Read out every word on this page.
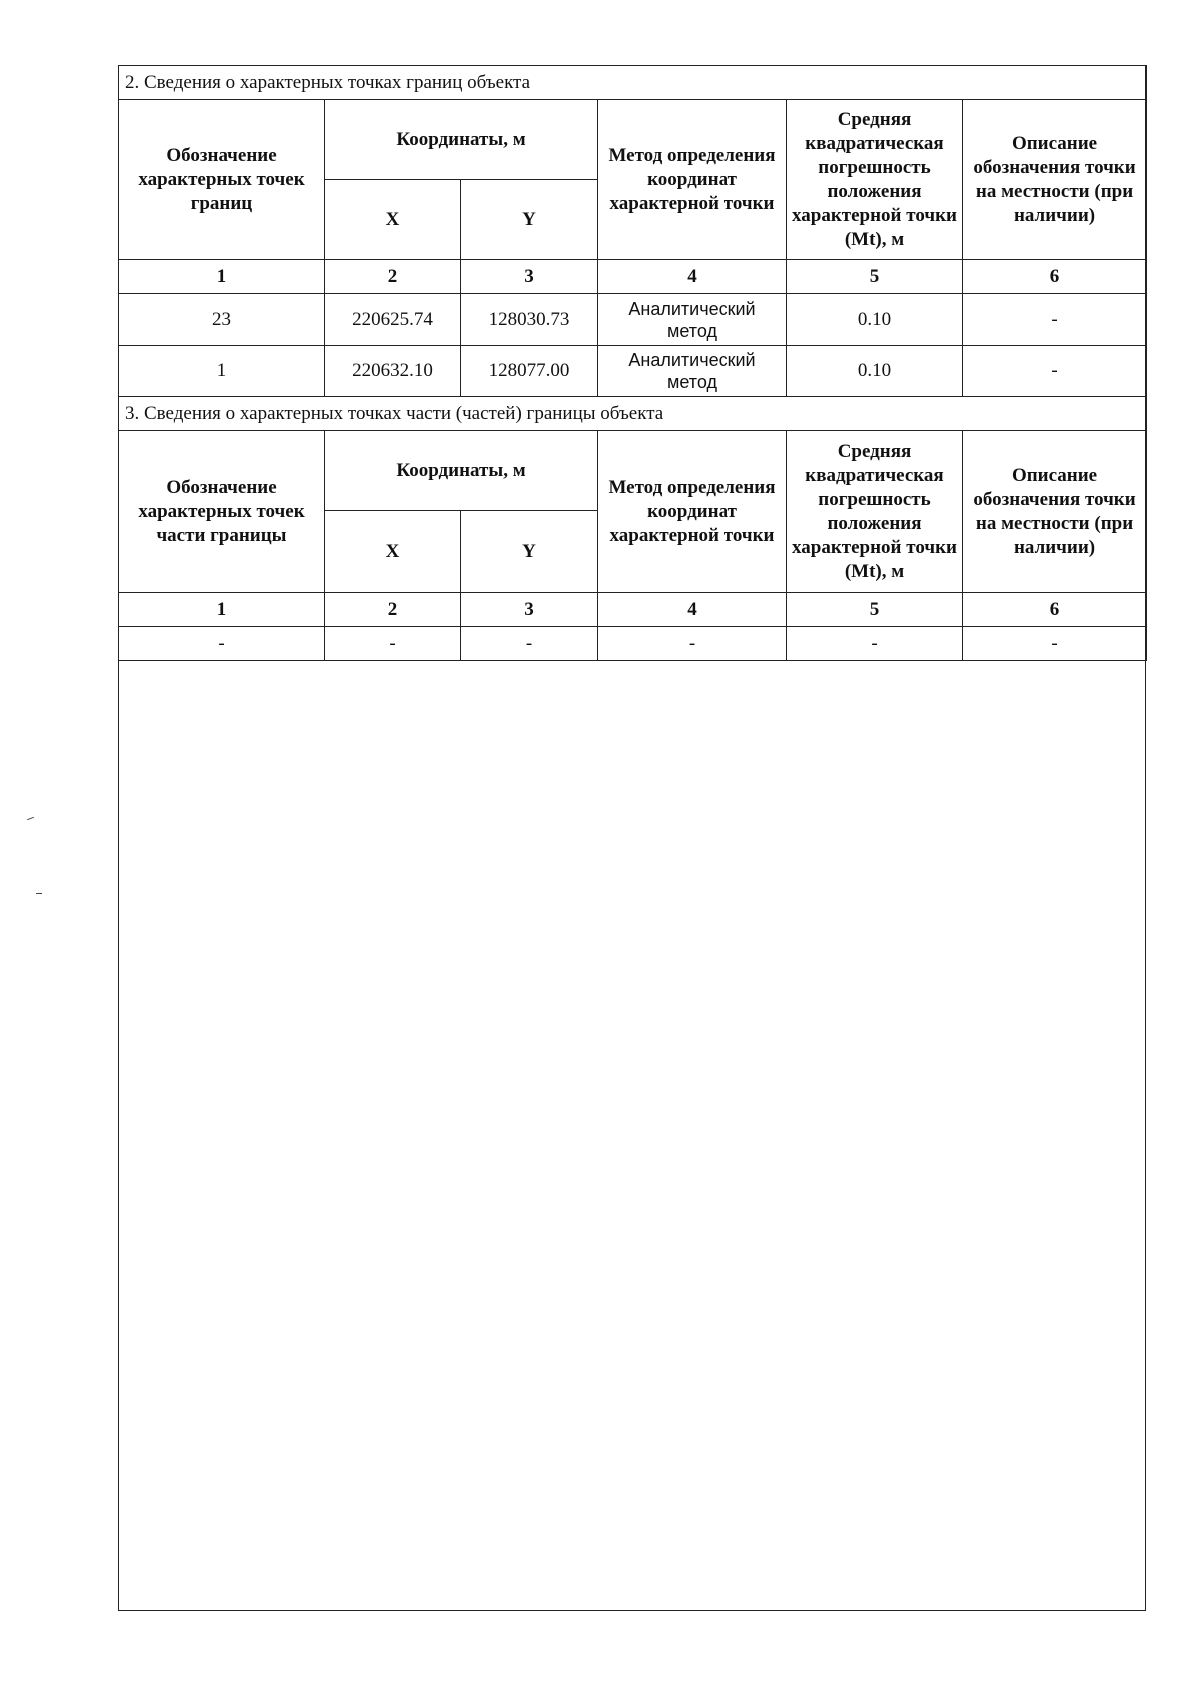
2. Сведения о характерных точках границ объекта					
Обозначение характерных точек границ	Координаты, м		Метод определения координат характерной точки	Средняя квадратическая погрешность положения характерной точки (Mt), м	Описание обозначения точки на местности (при наличии)
	X	Y			
1	2	3	4	5	6
23	220625.74	128030.73	Аналитический метод	0.10	-
1	220632.10	128077.00	Аналитический метод	0.10	-
3. Сведения о характерных точках части (частей) границы объекта					
Обозначение характерных точек части границы	Координаты, м		Метод определения координат характерной точки	Средняя квадратическая погрешность положения характерной точки (Mt), м	Описание обозначения точки на местности (при наличии)
	X	Y			
1	2	3	4	5	6
-	-	-	-	-	-
